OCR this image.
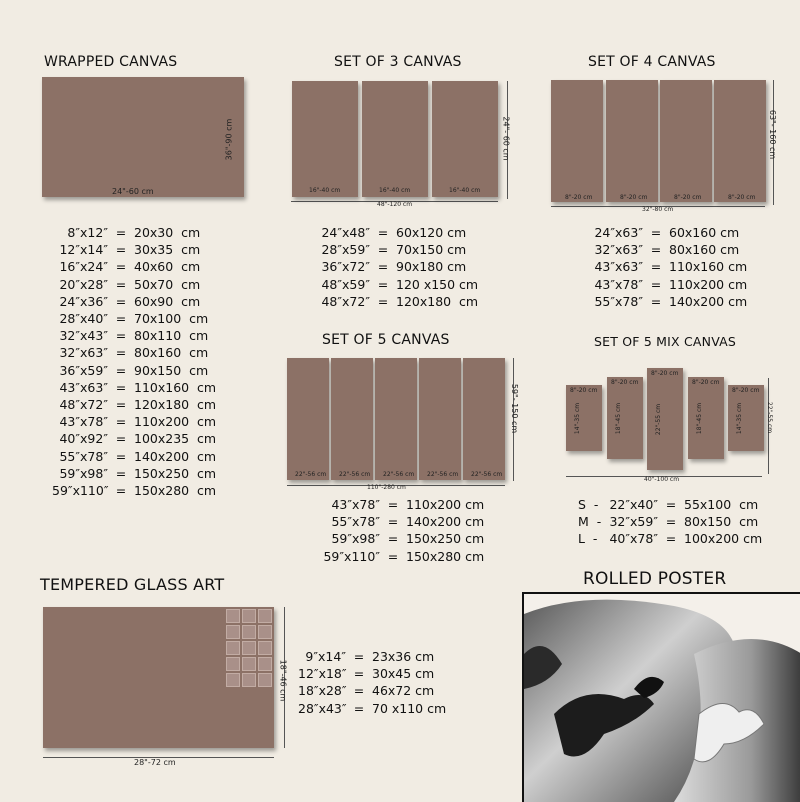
WRAPPED CANVAS
24"-60 cm
36"-90 cm
8″x12″ = 20x30  cm
12″x14″ = 30x35  cm
16″x24″ = 40x60  cm
20″x28″ = 50x70  cm
24″x36″ = 60x90  cm
28″x40″ = 70x100  cm
32″x43″ = 80x110  cm
32″x63″ = 80x160  cm
36″x59″ = 90x150  cm
43″x63″ = 110x160  cm
48″x72″ = 120x180  cm
43″x78″ = 110x200  cm
40″x92″ = 100x235  cm
55″x78″ = 140x200  cm
59″x98″ = 150x250  cm
59″x110″ = 150x280  cm
SET OF 3 CANVAS
48"-120 cm
24"- 60 cm
24″x48″ = 60x120 cm
28″x59″ = 70x150 cm
36″x72″ = 90x180 cm
48″x59″ = 120 x150 cm
48″x72″ = 120x180  cm
SET OF 4 CANVAS
32"-80 cm
63"- 160 cm
24″x63″ = 60x160 cm
32″x63″ = 80x160 cm
43″x63″ = 110x160 cm
43″x78″ = 110x200 cm
55″x78″ = 140x200 cm
SET OF 5 CANVAS
110"-280 cm
59"- 150 cm
43″x78″ = 110x200 cm
55″x78″ = 140x200 cm
59″x98″ = 150x250 cm
59″x110″ = 150x280 cm
SET OF 5 MIX CANVAS
40"-100 cm
22"-55 cm
S  - 22″x40″ = 55x100  cm
M  - 32″x59″ = 80x150  cm
L  - 40″x78″ = 100x200 cm
TEMPERED GLASS ART
28"-72 cm
18"-46 cm
9″x14″ = 23x36 cm
12″x18″ = 30x45 cm
18″x28″ = 46x72 cm
28″x43″ = 70 x110 cm
ROLLED POSTER
16"-40 cm	16"-40 cm	16"-40 cm
8"-20 cm	8"-20 cm	8"-20 cm	8"-20 cm
22"-56 cm 22"-56 cm 22"-56 cm 22"-56 cm 22"-56 cm
8"-20 cm
14"-35 cm
8"-20 cm
18"-45 cm
8"-20 cm
22"-55 cm
8"-20 cm
18"-45 cm
8"-20 cm
14"-35 cm
